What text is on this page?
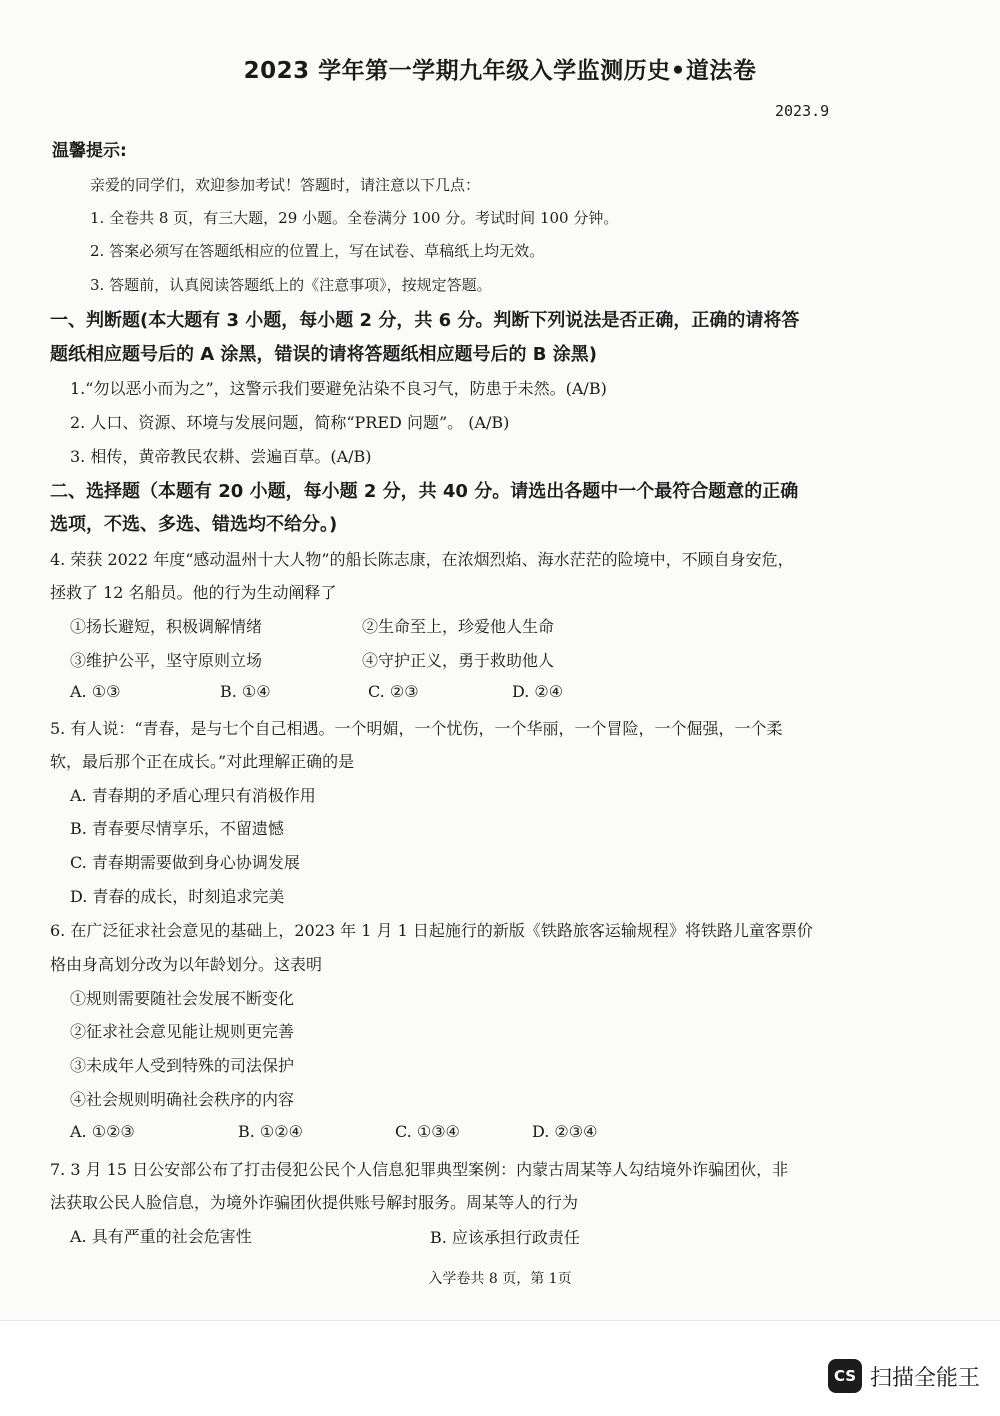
2023 学年第一学期九年级入学监测历史•道法卷
2023.9
温馨提示:
亲爱的同学们，欢迎参加考试！答题时，请注意以下几点：
1. 全卷共 8 页，有三大题，29 小题。全卷满分 100 分。考试时间 100 分钟。
2. 答案必须写在答题纸相应的位置上，写在试卷、草稿纸上均无效。
3. 答题前，认真阅读答题纸上的《注意事项》，按规定答题。
一、判断题(本大题有 3 小题，每小题 2 分，共 6 分。判断下列说法是否正确，正确的请将答
题纸相应题号后的 A 涂黑，错误的请将答题纸相应题号后的 B 涂黑)
1.“勿以恶小而为之”，这警示我们要避免沾染不良习气，防患于未然。(A/B)
2. 人口、资源、环境与发展问题，简称“PRED 问题”。 (A/B)
3. 相传，黄帝教民农耕、尝遍百草。(A/B)
二、选择题（本题有 20 小题，每小题 2 分，共 40 分。请选出各题中一个最符合题意的正确
选项，不选、多选、错选均不给分。)
4. 荣获 2022 年度“感动温州十大人物”的船长陈志康，在浓烟烈焰、海水茫茫的险境中，不顾自身安危，
拯救了 12 名船员。他的行为生动阐释了
①扬长避短，积极调解情绪	②生命至上，珍爱他人生命
③维护公平，坚守原则立场	④守护正义，勇于救助他人
A. ①③	B. ①④	C. ②③	D. ②④
5. 有人说：“青春，是与七个自己相遇。一个明媚，一个忧伤，一个华丽，一个冒险，一个倔强，一个柔
软，最后那个正在成长。”对此理解正确的是
A. 青春期的矛盾心理只有消极作用
B. 青春要尽情享乐，不留遗憾
C. 青春期需要做到身心协调发展
D. 青春的成长，时刻追求完美
6. 在广泛征求社会意见的基础上，2023 年 1 月 1 日起施行的新版《铁路旅客运输规程》将铁路儿童客票价
格由身高划分改为以年龄划分。这表明
①规则需要随社会发展不断变化
②征求社会意见能让规则更完善
③未成年人受到特殊的司法保护
④社会规则明确社会秩序的内容
A. ①②③	B. ①②④	C. ①③④	D. ②③④
7. 3 月 15 日公安部公布了打击侵犯公民个人信息犯罪典型案例：内蒙古周某等人勾结境外诈骗团伙，非
法获取公民人脸信息，为境外诈骗团伙提供账号解封服务。周某等人的行为
A. 具有严重的社会危害性	B. 应该承担行政责任
入学卷共 8 页，第 1页
CS 扫描全能王
